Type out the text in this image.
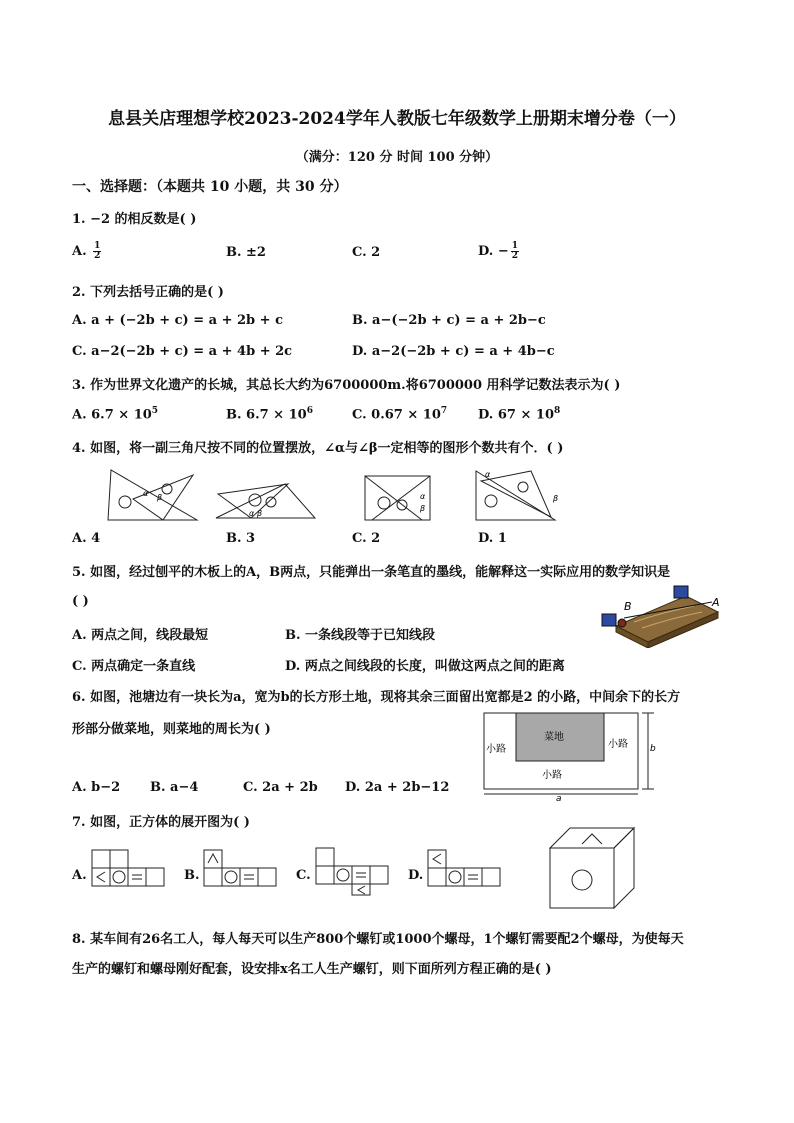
息县关店理想学校2023-2024学年人教版七年级数学上册期末增分卷（一）
（满分：120 分 时间 100 分钟）
一、选择题：（本题共 10 小题，共 30 分）
1. −2 的相反数是( )
A. $\frac{1}{2}$	B. ±2	C. 2	D. − $\frac{1}{2}$
2. 下列去括号正确的是( )
A. a + (−2b + c) = a + 2b + c	B. a−(−2b + c) = a + 2b−c
C. a−2(−2b + c) = a + 4b + 2c	D. a−2(−2b + c) = a + 4b−c
3. 作为世界文化遗产的长城，其总长大约为6700000m.将6700000 用科学记数法表示为( )
A. $6.7 \times 10^5$	B. $6.7 \times 10^6$	C. $0.67 \times 10^7$ D. $67 \times 10^8$
4. 如图，将一副三角尺按不同的位置摆放，∠α与∠β一定相等的图形个数共有个．( )
α β
α β
α
β
α
β
A. 4	B. 3	C. 2	D. 1
5. 如图，经过刨平的木板上的A，B两点，只能弹出一条笔直的墨线，能解释这一实际应用的数学知识是
( )
A. 两点之间，线段最短	B. 一条线段等于已知线段
C. 两点确定一条直线	D. 两点之间线段的长度，叫做这两点之间的距离
B	A
6. 如图，池塘边有一块长为a，宽为b的长方形土地，现将其余三面留出宽都是2 的小路，中间余下的长方
形部分做菜地，则菜地的周长为( )
A. b−2 B. a−4	C. 2a + 2b D. 2a + 2b−12
菜地
小路	小路
小路
b
a
7. 如图，正方体的展开图为( )
A.	B.	C.	D.
8. 某车间有26名工人，每人每天可以生产800个螺钉或1000个螺母，1个螺钉需要配2个螺母，为使每天
生产的螺钉和螺母刚好配套，设安排x名工人生产螺钉，则下面所列方程正确的是( )
